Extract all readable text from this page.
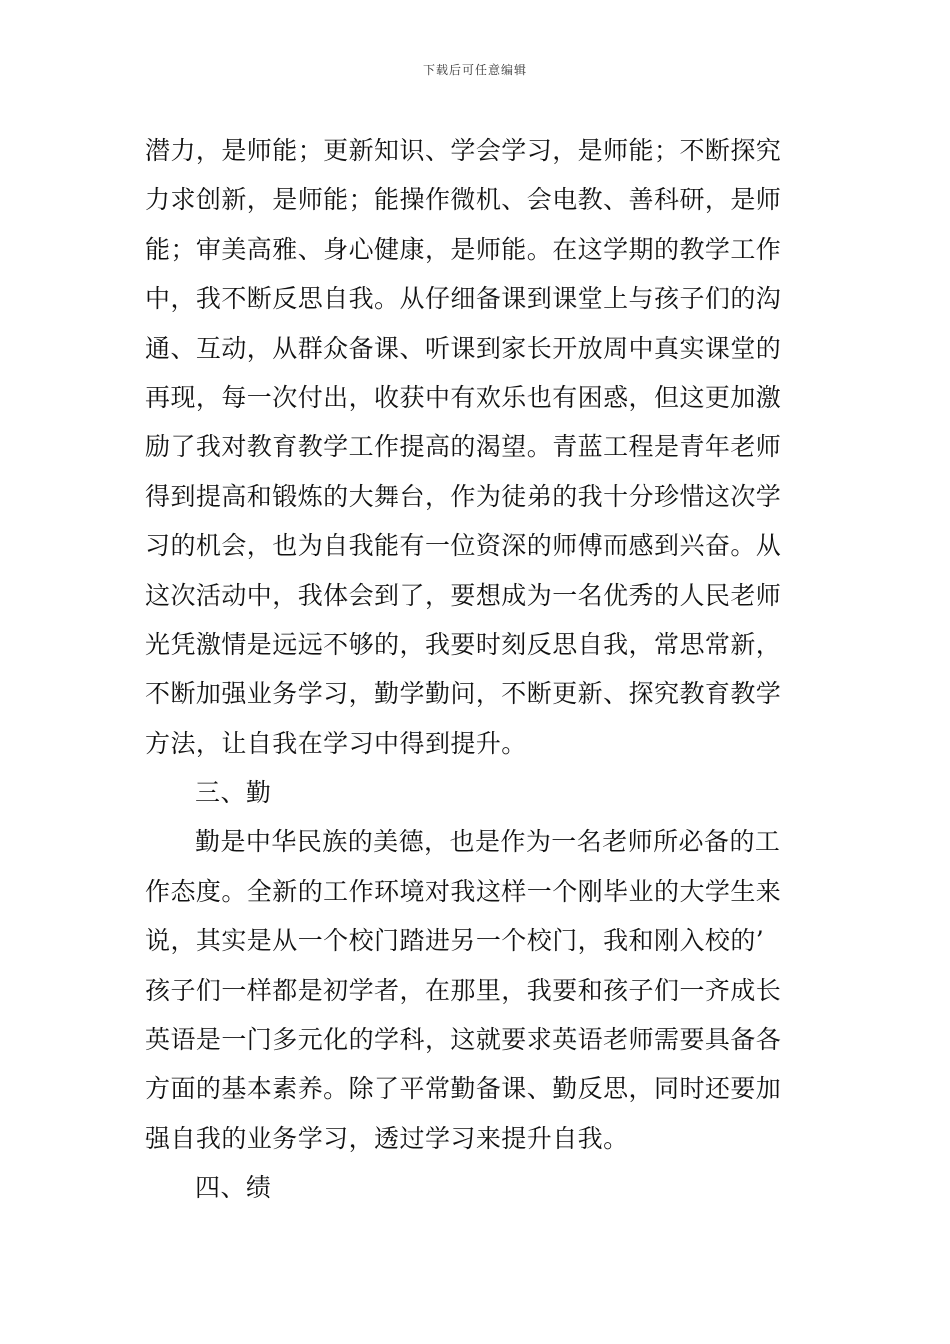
下载后可任意编辑
潜力，是师能；更新知识、学会学习，是师能；不断探究
力求创新，是师能；能操作微机、会电教、善科研，是师
能；审美高雅、身心健康，是师能。在这学期的教学工作
中，我不断反思自我。从仔细备课到课堂上与孩子们的沟
通、互动，从群众备课、听课到家长开放周中真实课堂的
再现，每一次付出，收获中有欢乐也有困惑，但这更加激
励了我对教育教学工作提高的渴望。青蓝工程是青年老师
得到提高和锻炼的大舞台，作为徒弟的我十分珍惜这次学
习的机会，也为自我能有一位资深的师傅而感到兴奋。从
这次活动中，我体会到了，要想成为一名优秀的人民老师
光凭激情是远远不够的，我要时刻反思自我，常思常新，
不断加强业务学习，勤学勤问，不断更新、探究教育教学
方法，让自我在学习中得到提升。
三、勤
勤是中华民族的美德，也是作为一名老师所必备的工
作态度。全新的工作环境对我这样一个刚毕业的大学生来
说，其实是从一个校门踏进另一个校门，我和刚入校的’
孩子们一样都是初学者，在那里，我要和孩子们一齐成长
英语是一门多元化的学科，这就要求英语老师需要具备各
方面的基本素养。除了平常勤备课、勤反思，同时还要加
强自我的业务学习，透过学习来提升自我。
四、绩
